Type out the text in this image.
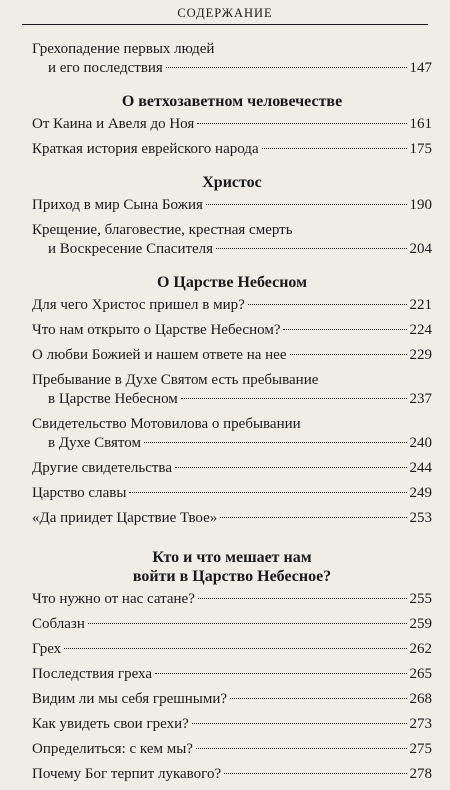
СОДЕРЖАНИЕ
Грехопадение первых людей
и его последствия	147
О ветхозаветном человечестве
От Каина и Авеля до Ноя	161
Краткая история еврейского народа	175
Христос
Приход в мир Сына Божия	190
Крещение, благовестие, крестная смерть
и Воскресение Спасителя	204
О Царстве Небесном
Для чего Христос пришел в мир?	221
Что нам открыто о Царстве Небесном?	224
О любви Божией и нашем ответе на нее	229
Пребывание в Духе Святом есть пребывание
в Царстве Небесном	237
Свидетельство Мотовилова о пребывании
в Духе Святом	240
Другие свидетельства	244
Царство славы	249
«Да приидет Царствие Твое»	253
Кто и что мешает нам
войти в Царство Небесное?
Что нужно от нас сатане?	255
Соблазн	259
Грех	262
Последствия греха	265
Видим ли мы себя грешными?	268
Как увидеть свои грехи?	273
Определиться: с кем мы?	275
Почему Бог терпит лукавого?	278
